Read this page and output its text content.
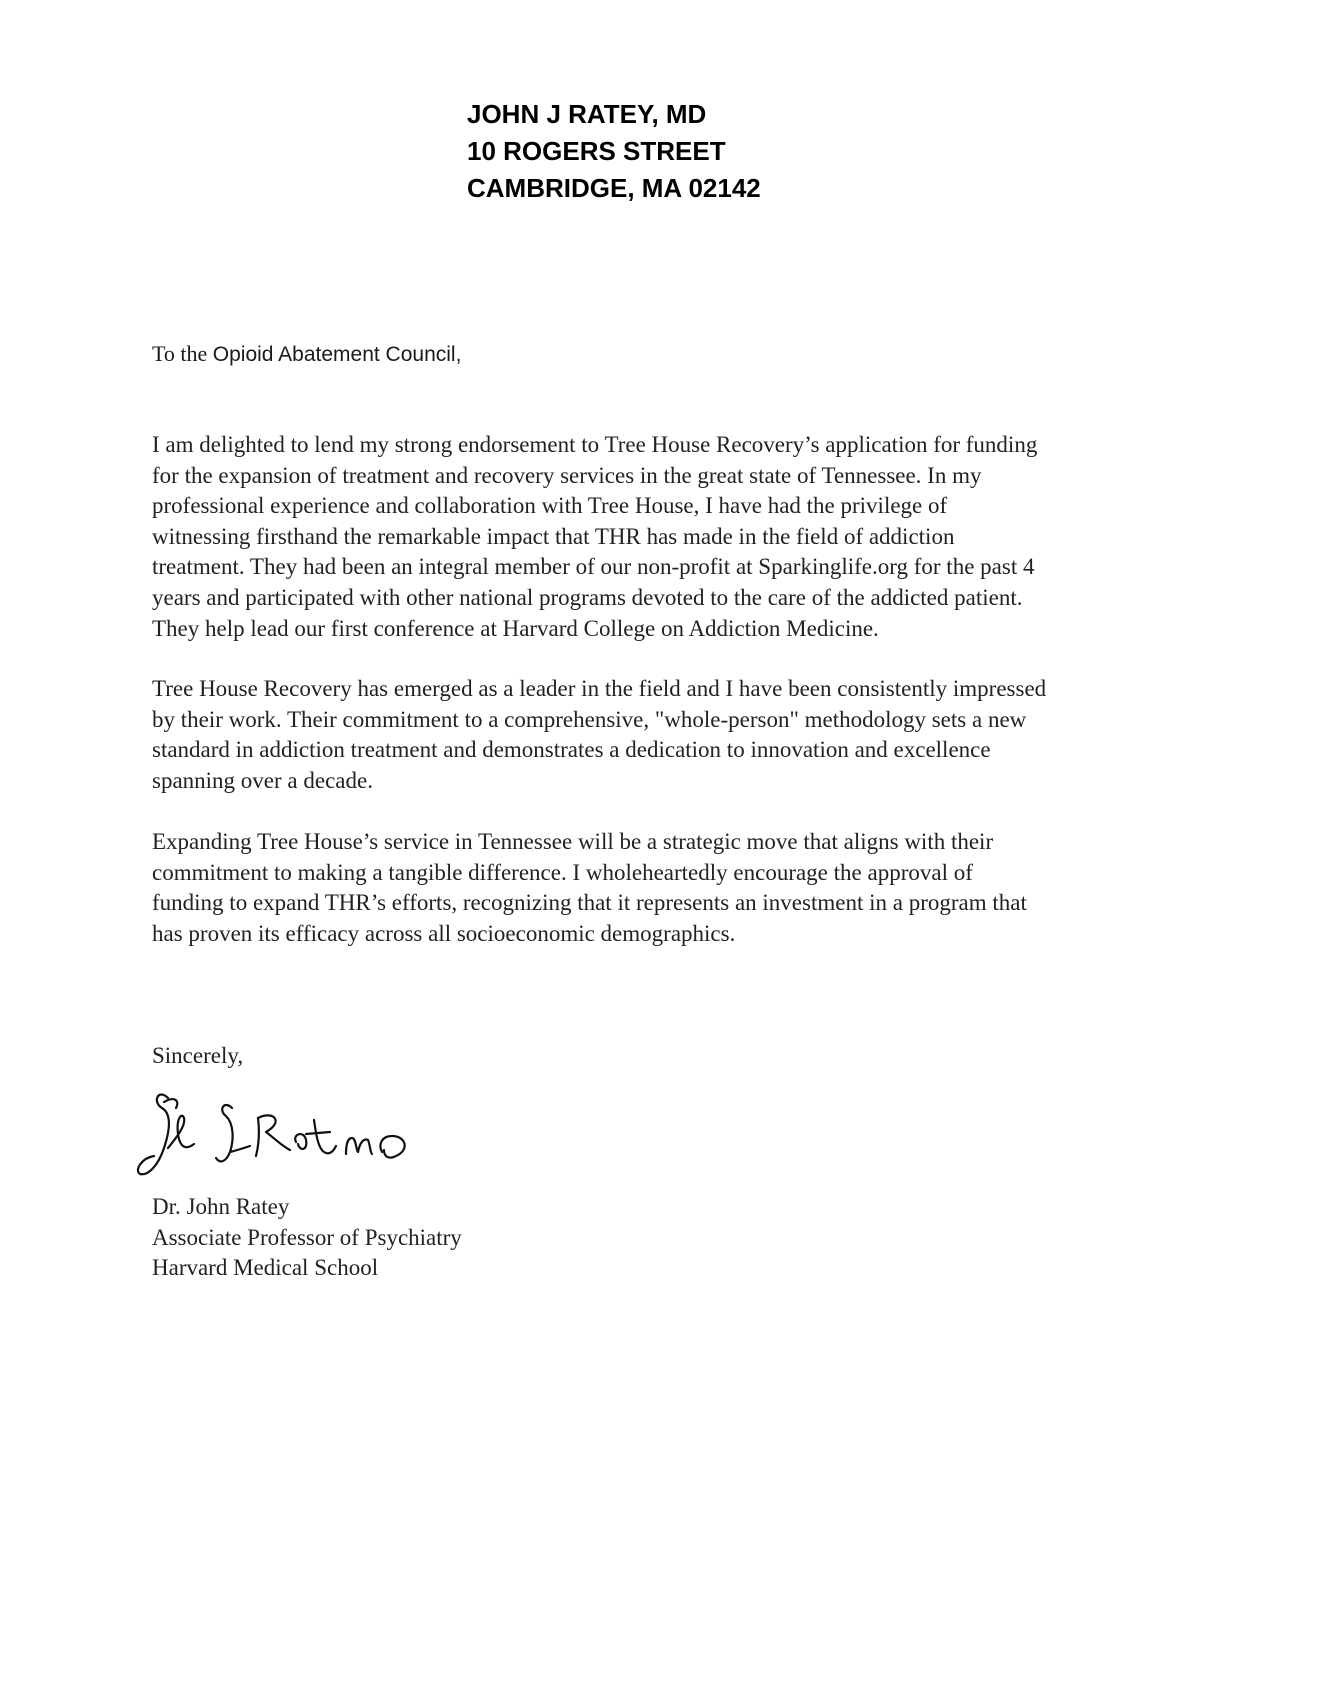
JOHN J RATEY, MD
10 ROGERS STREET
CAMBRIDGE, MA 02142
To the Opioid Abatement Council,
I am delighted to lend my strong endorsement to Tree House Recovery’s application for funding
for the expansion of treatment and recovery services in the great state of Tennessee. In my
professional experience and collaboration with Tree House, I have had the privilege of
witnessing firsthand the remarkable impact that THR has made in the field of addiction
treatment. They had been an integral member of our non-profit at Sparkinglife.org for the past 4
years and participated with other national programs devoted to the care of the addicted patient.
They help lead our first conference at Harvard College on Addiction Medicine.
Tree House Recovery has emerged as a leader in the field and I have been consistently impressed
by their work. Their commitment to a comprehensive, "whole-person" methodology sets a new
standard in addiction treatment and demonstrates a dedication to innovation and excellence
spanning over a decade.
Expanding Tree House’s service in Tennessee will be a strategic move that aligns with their
commitment to making a tangible difference. I wholeheartedly encourage the approval of
funding to expand THR’s efforts, recognizing that it represents an investment in a program that
has proven its efficacy across all socioeconomic demographics.
Sincerely,
Dr. John Ratey
Associate Professor of Psychiatry
Harvard Medical School
